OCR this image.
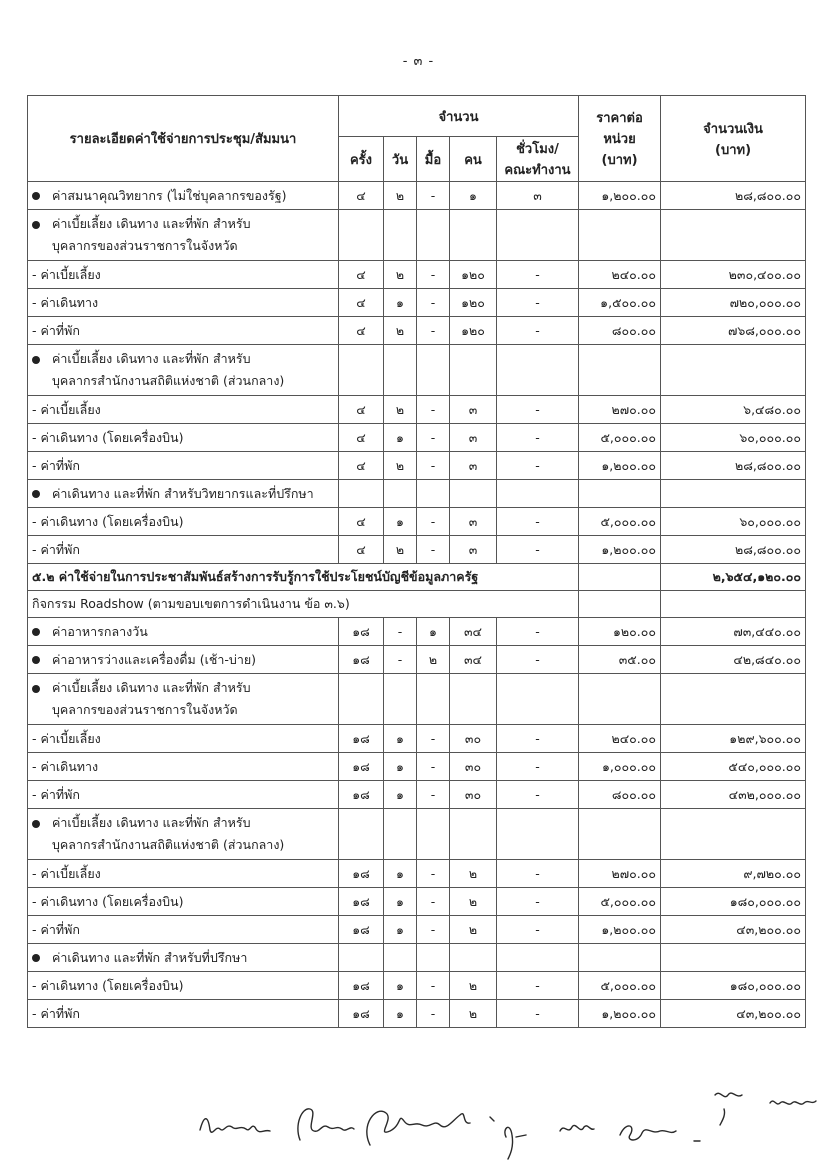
- ๓ -
รายละเอียดค่าใช้จ่ายการประชุม/สัมมนา	จำนวน					ราคาต่อ
หน่วย
(บาท)	จำนวนเงิน
(บาท)
	ครั้ง	วัน	มื้อ	คน	ชั่วโมง/
คณะทำงาน		
ค่าสมนาคุณวิทยากร (ไม่ใช่บุคลากรของรัฐ)	๔	๒	-	๑	๓	๑,๒๐๐.๐๐	๒๘,๘๐๐.๐๐
ค่าเบี้ยเลี้ยง เดินทาง และที่พัก สำหรับ
บุคลากรของส่วนราชการในจังหวัด							

- ค่าเบี้ยเลี้ยง	๔	๒	-	๑๒๐	-	๒๔๐.๐๐	๒๓๐,๔๐๐.๐๐
- ค่าเดินทาง	๔	๑	-	๑๒๐	-	๑,๕๐๐.๐๐	๗๒๐,๐๐๐.๐๐
- ค่าที่พัก	๔	๒	-	๑๒๐	-	๘๐๐.๐๐	๗๖๘,๐๐๐.๐๐
ค่าเบี้ยเลี้ยง เดินทาง และที่พัก สำหรับ
บุคลากรสำนักงานสถิติแห่งชาติ (ส่วนกลาง)							

- ค่าเบี้ยเลี้ยง	๔	๒	-	๓	-	๒๗๐.๐๐	๖,๔๘๐.๐๐
- ค่าเดินทาง (โดยเครื่องบิน)	๔	๑	-	๓	-	๕,๐๐๐.๐๐	๖๐,๐๐๐.๐๐
- ค่าที่พัก	๔	๒	-	๓	-	๑,๒๐๐.๐๐	๒๘,๘๐๐.๐๐
ค่าเดินทาง และที่พัก สำหรับวิทยากรและที่ปรึกษา							
- ค่าเดินทาง (โดยเครื่องบิน)	๔	๑	-	๓	-	๕,๐๐๐.๐๐	๖๐,๐๐๐.๐๐
- ค่าที่พัก	๔	๒	-	๓	-	๑,๒๐๐.๐๐	๒๘,๘๐๐.๐๐
๕.๒ ค่าใช้จ่ายในการประชาสัมพันธ์สร้างการรับรู้การใช้ประโยชน์บัญชีข้อมูลภาครัฐ							๒,๖๕๔,๑๒๐.๐๐
กิจกรรม Roadshow (ตามขอบเขตการดำเนินงาน ข้อ ๓.๖)							
ค่าอาหารกลางวัน	๑๘	-	๑	๓๔	-	๑๒๐.๐๐	๗๓,๔๔๐.๐๐
ค่าอาหารว่างและเครื่องดื่ม (เช้า-บ่าย)	๑๘	-	๒	๓๔	-	๓๕.๐๐	๔๒,๘๔๐.๐๐
ค่าเบี้ยเลี้ยง เดินทาง และที่พัก สำหรับ
บุคลากรของส่วนราชการในจังหวัด							

- ค่าเบี้ยเลี้ยง	๑๘	๑	-	๓๐	-	๒๔๐.๐๐	๑๒๙,๖๐๐.๐๐
- ค่าเดินทาง	๑๘	๑	-	๓๐	-	๑,๐๐๐.๐๐	๕๔๐,๐๐๐.๐๐
- ค่าที่พัก	๑๘	๑	-	๓๐	-	๘๐๐.๐๐	๔๓๒,๐๐๐.๐๐
ค่าเบี้ยเลี้ยง เดินทาง และที่พัก สำหรับ
บุคลากรสำนักงานสถิติแห่งชาติ (ส่วนกลาง)							

- ค่าเบี้ยเลี้ยง	๑๘	๑	-	๒	-	๒๗๐.๐๐	๙,๗๒๐.๐๐
- ค่าเดินทาง (โดยเครื่องบิน)	๑๘	๑	-	๒	-	๕,๐๐๐.๐๐	๑๘๐,๐๐๐.๐๐
- ค่าที่พัก	๑๘	๑	-	๒	-	๑,๒๐๐.๐๐	๔๓,๒๐๐.๐๐
ค่าเดินทาง และที่พัก สำหรับที่ปรึกษา							
- ค่าเดินทาง (โดยเครื่องบิน)	๑๘	๑	-	๒	-	๕,๐๐๐.๐๐	๑๘๐,๐๐๐.๐๐
- ค่าที่พัก	๑๘	๑	-	๒	-	๑,๒๐๐.๐๐	๔๓,๒๐๐.๐๐
